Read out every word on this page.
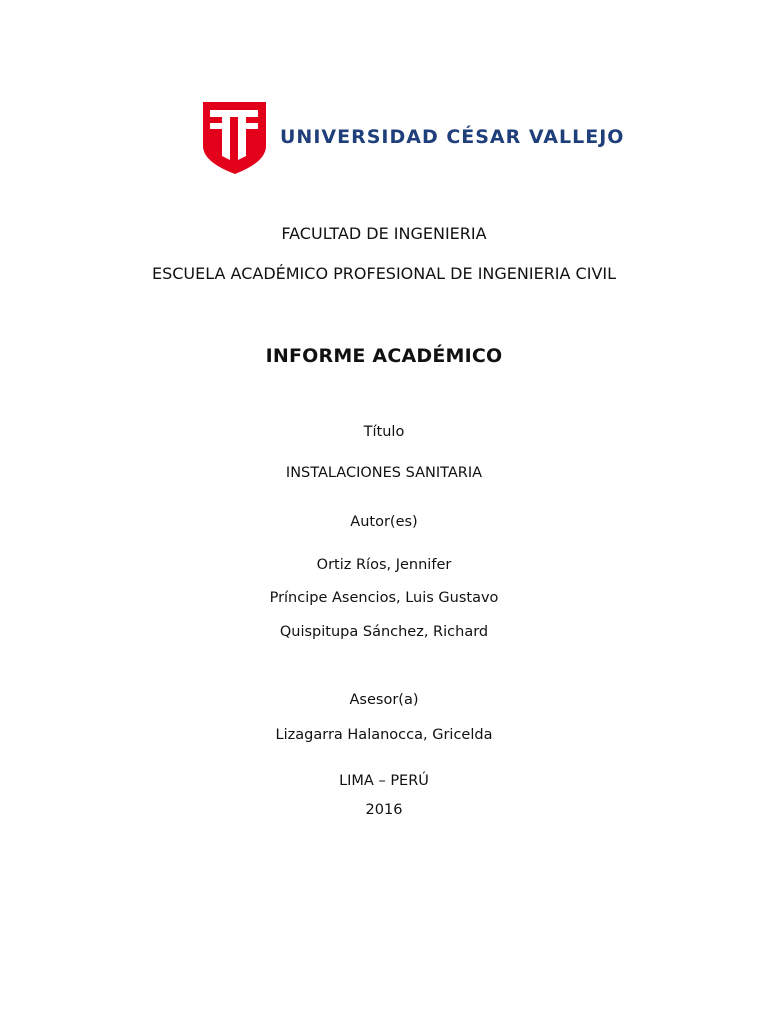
UNIVERSIDAD CÉSAR VALLEJO
FACULTAD DE INGENIERIA
ESCUELA ACADÉMICO PROFESIONAL DE INGENIERIA CIVIL
INFORME ACADÉMICO
Título
INSTALACIONES SANITARIA
Autor(es)
Ortiz Ríos, Jennifer
Príncipe Asencios, Luis Gustavo
Quispitupa Sánchez, Richard
Asesor(a)
Lizagarra Halanocca, Gricelda
LIMA – PERÚ
2016
